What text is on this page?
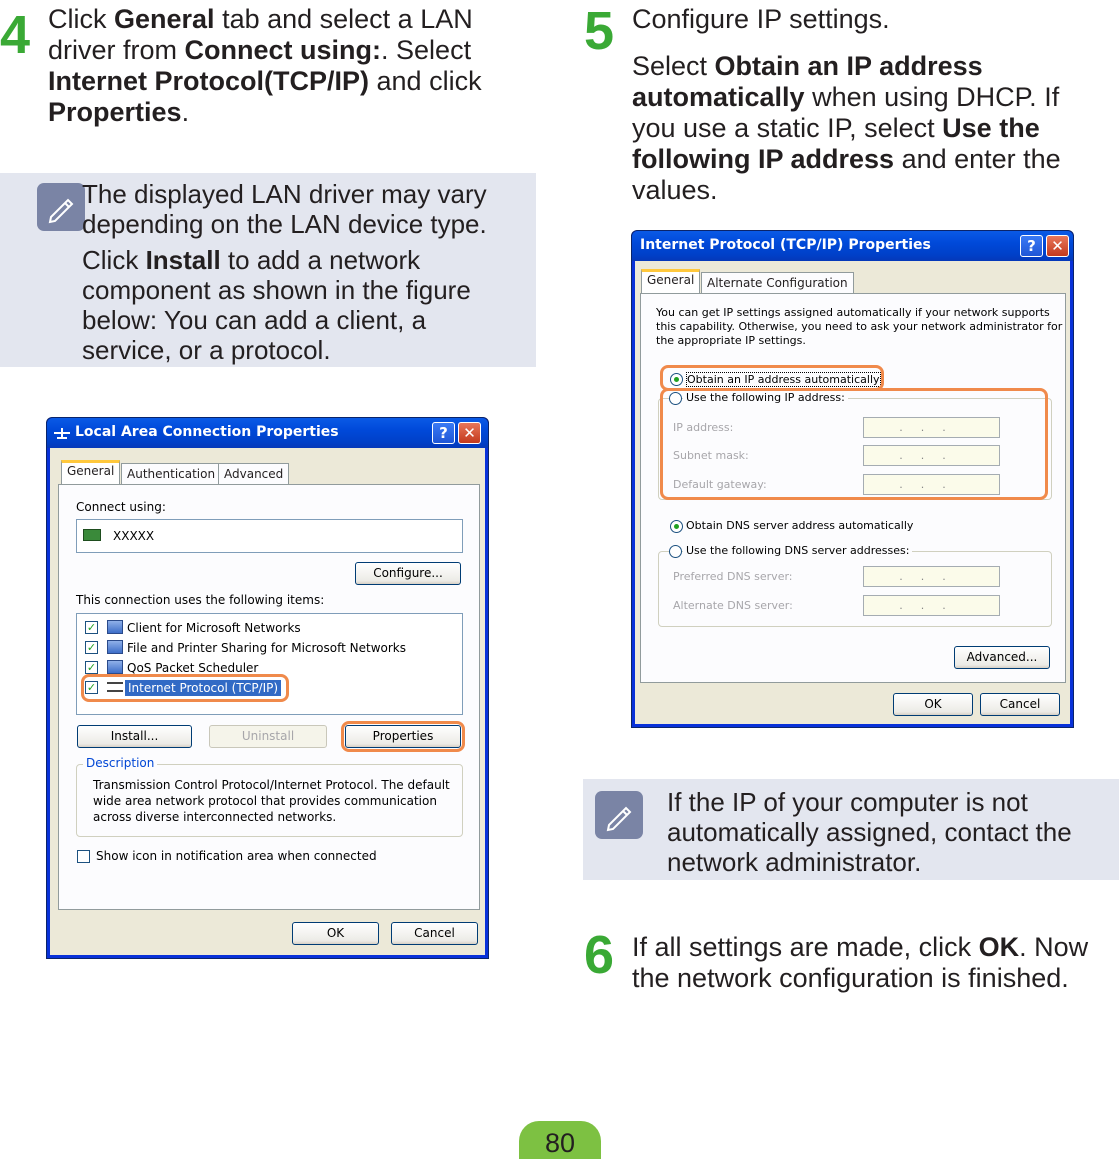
4 Click General tab and select a LAN

driver from Connect using:. Select

Internet Protocol(TCP/IP) and click

Properties.

The displayed LAN driver may vary

depending on the LAN device type.

Click Install to add a network

component as shown in the figure

below: You can add a client, a

service, or a protocol.

Local Area Connection Properties	?	✕
General	Authentication Advanced
Connect using:
XXXXX
Configure...
This connection uses the following items:
✓	Client for Microsoft Networks
✓	File and Printer Sharing for Microsoft Networks
✓	QoS Packet Scheduler
✓	Internet Protocol (TCP/IP)
Install...	Uninstall	Properties
Description
Transmission Control Protocol/Internet Protocol. The default
wide area network protocol that provides communication
across diverse interconnected networks.
Show icon in notification area when connected
OK	Cancel
5 Configure IP settings.

Select Obtain an IP address

automatically when using DHCP. If

you use a static IP, select Use the

following IP address and enter the

values.

Internet Protocol (TCP/IP) Properties	?	✕
General	Alternate Configuration
You can get IP settings assigned automatically if your network supports
this capability. Otherwise, you need to ask your network administrator for
the appropriate IP settings.
Obtain an IP address automatically
Use the following IP address:
IP address:	...
Subnet mask:	...
Default gateway:	...
Obtain DNS server address automatically
Use the following DNS server addresses:
Preferred DNS server:	...
Alternate DNS server:	...
Advanced...
OK	Cancel

If the IP of your computer is not

automatically assigned, contact the

network administrator.

6 If all settings are made, click OK. Now

the network configuration is finished.

80
